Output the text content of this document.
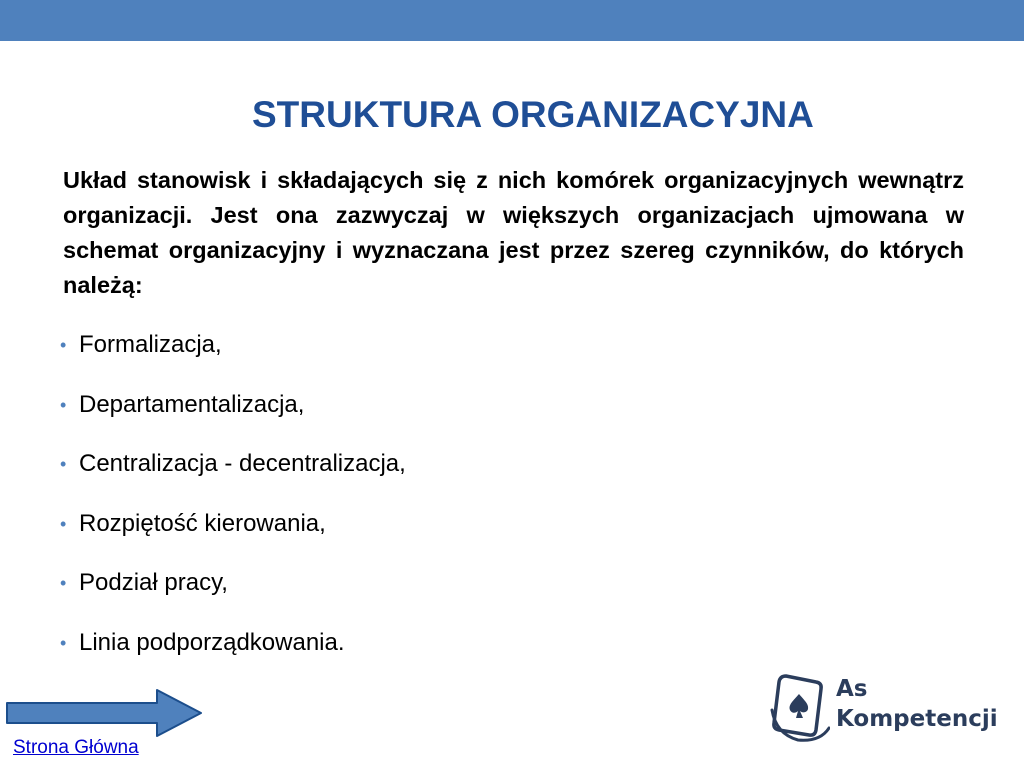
STRUKTURA ORGANIZACYJNA

Układ stanowisk i składających się z nich komórek organizacyjnych wewnątrz organizacji. Jest ona zazwyczaj w większych organizacjach ujmowana w schemat organizacyjny i wyznaczana jest przez szereg czynników, do których należą:

• Formalizacja,
• Departamentalizacja,
• Centralizacja - decentralizacja,
• Rozpiętość kierowania,
• Podział pracy,
• Linia podporządkowania.
Strona Główna
As
Kompetencji
